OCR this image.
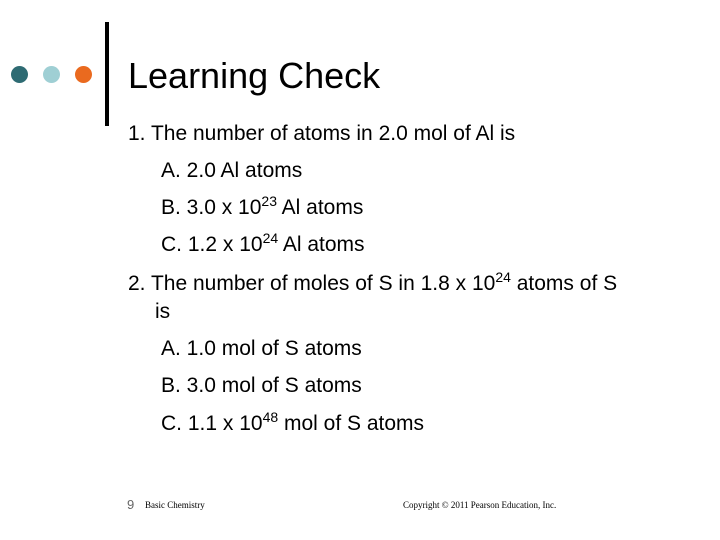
Learning Check
1. The number of atoms in 2.0 mol of Al is
A. 2.0 Al atoms
B. 3.0 x $10^{23}$ Al atoms
C. 1.2 x $10^{24}$ Al atoms
2. The number of moles of S in 1.8 x $10^{24}$ atoms of S
is
A. 1.0 mol of S atoms
B. 3.0 mol of S atoms
C. 1.1 x $10^{48}$ mol of S atoms
9 Basic Chemistry	Copyright © 2011 Pearson Education, Inc.
